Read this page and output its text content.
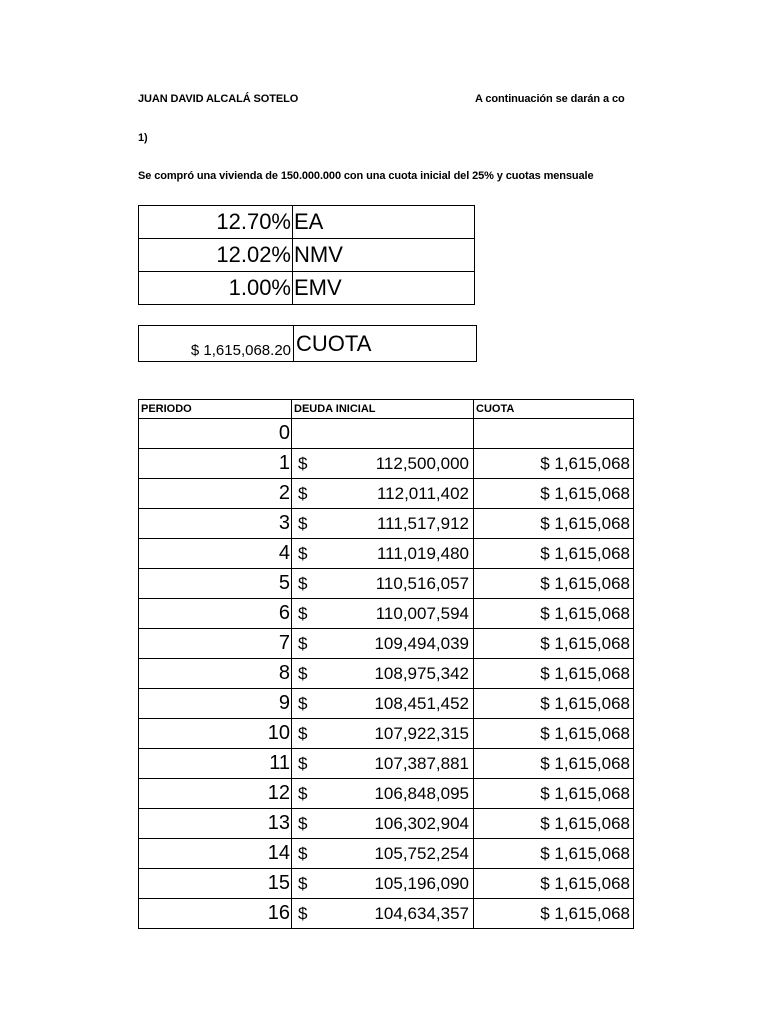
JUAN DAVID ALCALÁ SOTELO	A continuación se darán a co
1)
Se compró una vivienda de 150.000.000 con una cuota inicial del 25% y cuotas mensuale
12.70%	EA
12.02%	NMV
1.00%	EMV
$ 1,615,068.20	CUOTA
PERIODO	DEUDA INICIAL	CUOTA
0		
1	$ 112,500,000	$ 1,615,068
2	$ 112,011,402	$ 1,615,068
3	$ 111,517,912	$ 1,615,068
4	$ 111,019,480	$ 1,615,068
5	$ 110,516,057	$ 1,615,068
6	$ 110,007,594	$ 1,615,068
7	$ 109,494,039	$ 1,615,068
8	$ 108,975,342	$ 1,615,068
9	$ 108,451,452	$ 1,615,068
10	$ 107,922,315	$ 1,615,068
11	$ 107,387,881	$ 1,615,068
12	$ 106,848,095	$ 1,615,068
13	$ 106,302,904	$ 1,615,068
14	$ 105,752,254	$ 1,615,068
15	$ 105,196,090	$ 1,615,068
16	$ 104,634,357	$ 1,615,068
